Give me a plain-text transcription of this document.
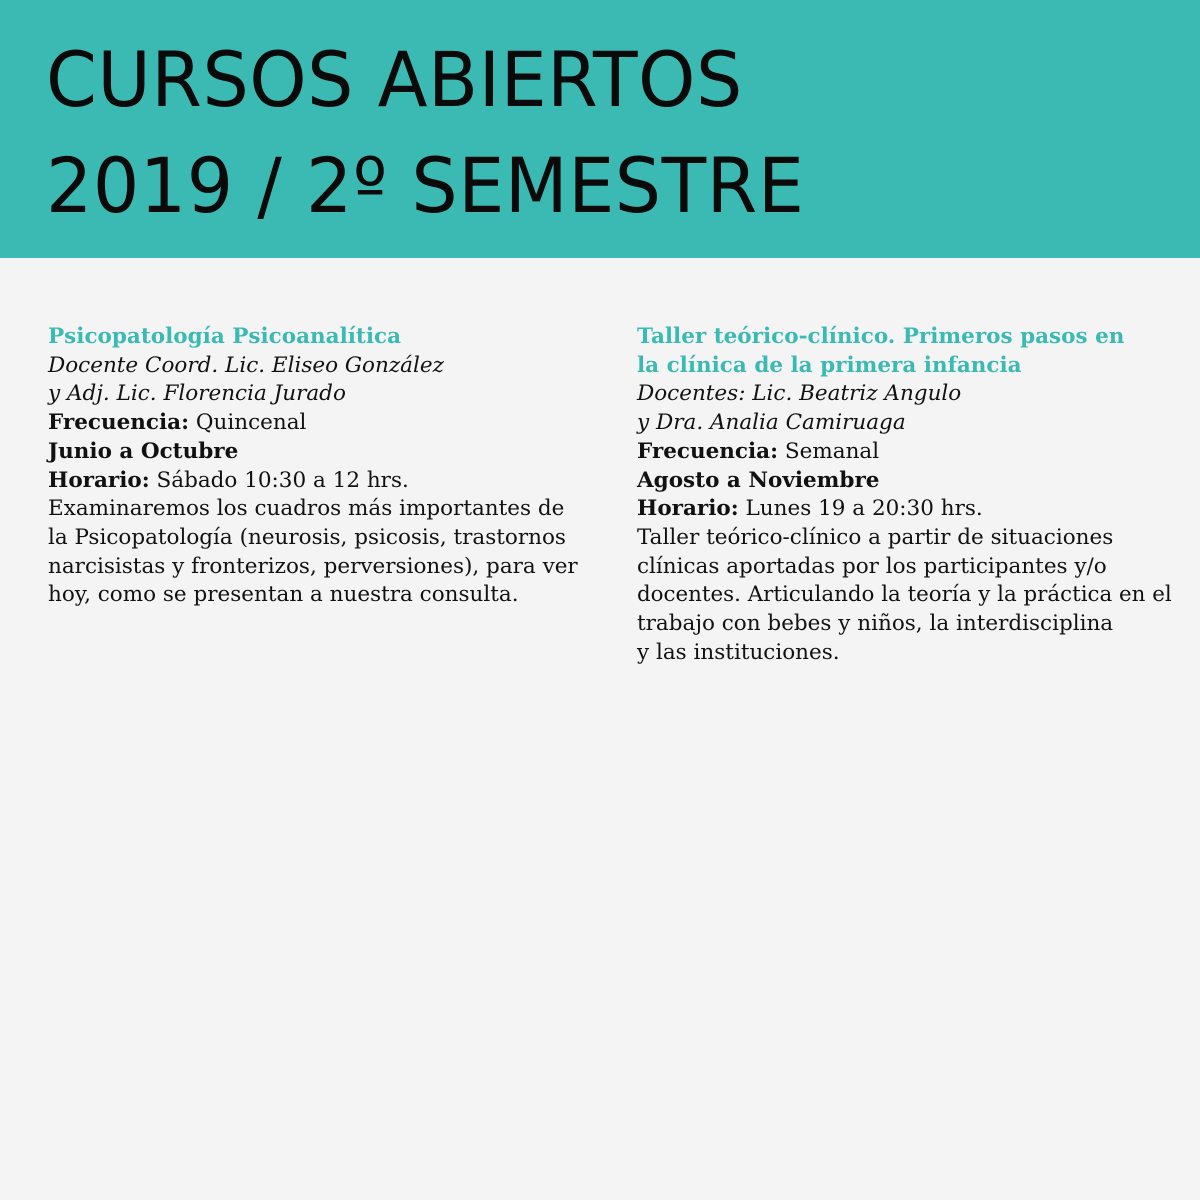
CURSOS ABIERTOS
2019 / 2º SEMESTRE
Psicopatología Psicoanalítica
Docente Coord. Lic. Eliseo González
y Adj. Lic. Florencia Jurado
Frecuencia: Quincenal
Junio a Octubre
Horario: Sábado 10:30 a 12 hrs.
Examinaremos los cuadros más importantes de
la Psicopatología (neurosis, psicosis, trastornos
narcisistas y fronterizos, perversiones), para ver
hoy, como se presentan a nuestra consulta.
Taller teórico-clínico. Primeros pasos en
la clínica de la primera infancia
Docentes: Lic. Beatriz Angulo
y Dra. Analia Camiruaga
Frecuencia: Semanal
Agosto a Noviembre
Horario: Lunes 19 a 20:30 hrs.
Taller teórico-clínico a partir de situaciones
clínicas aportadas por los participantes y/o
docentes. Articulando la teoría y la práctica en el
trabajo con bebes y niños, la interdisciplina
y las instituciones.
